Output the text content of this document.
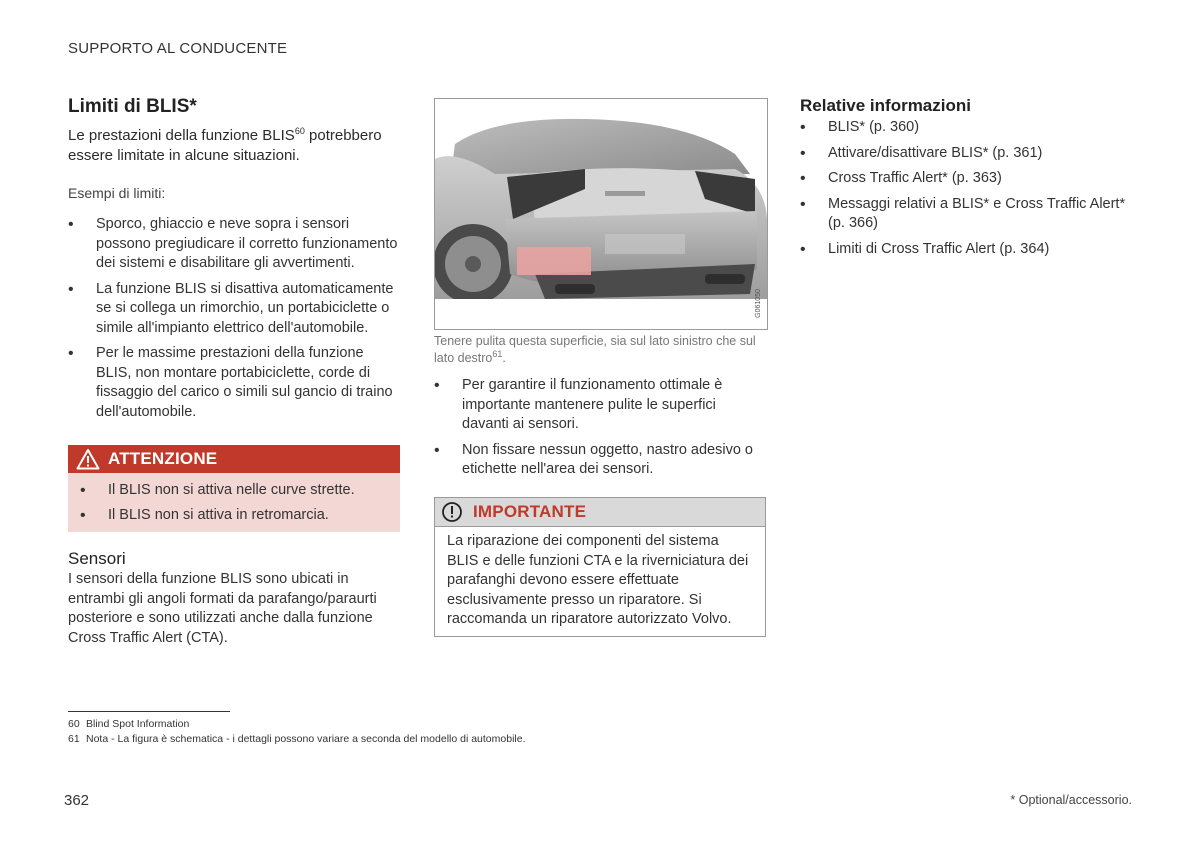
SUPPORTO AL CONDUCENTE
Limiti di BLIS*

Le prestazioni della funzione BLIS$^{60}$ potrebbero essere limitate in alcune situazioni.

Esempi di limiti:

• Sporco, ghiaccio e neve sopra i sensori possono pregiudicare il corretto funzionamento dei sistemi e disabilitare gli avvertimenti.
• La funzione BLIS si disattiva automaticamente se si collega un rimorchio, un portabiciclette o simile all'impianto elettrico dell'automobile.
• Per le massime prestazioni della funzione BLIS, non montare portabiciclette, corde di fissaggio del carico o simili sul gancio di traino dell'automobile.
ATTENZIONE
• Il BLIS non si attiva nelle curve strette.
• Il BLIS non si attiva in retromarcia.
Sensori

I sensori della funzione BLIS sono ubicati in entrambi gli angoli formati da parafango/paraurti posteriore e sono utilizzati anche dalla funzione Cross Traffic Alert (CTA).

G061050
Tenere pulita questa superficie, sia sul lato sinistro che sul lato destro$^{61}$.
• Per garantire il funzionamento ottimale è importante mantenere pulite le superfici davanti ai sensori.
• Non fissare nessun oggetto, nastro adesivo o etichette nell'area dei sensori.
IMPORTANTE

La riparazione dei componenti del sistema BLIS e delle funzioni CTA e la riverniciatura dei parafanghi devono essere effettuate esclusivamente presso un riparatore. Si raccomanda un riparatore autorizzato Volvo.

Relative informazioni
• BLIS* (p. 360)
• Attivare/disattivare BLIS* (p. 361)
• Cross Traffic Alert* (p. 363)
• Messaggi relativi a BLIS* e Cross Traffic Alert* (p. 366)
• Limiti di Cross Traffic Alert (p. 364)
60 Blind Spot Information
61 Nota - La figura è schematica - i dettagli possono variare a seconda del modello di automobile.
362	* Optional/accessorio.
